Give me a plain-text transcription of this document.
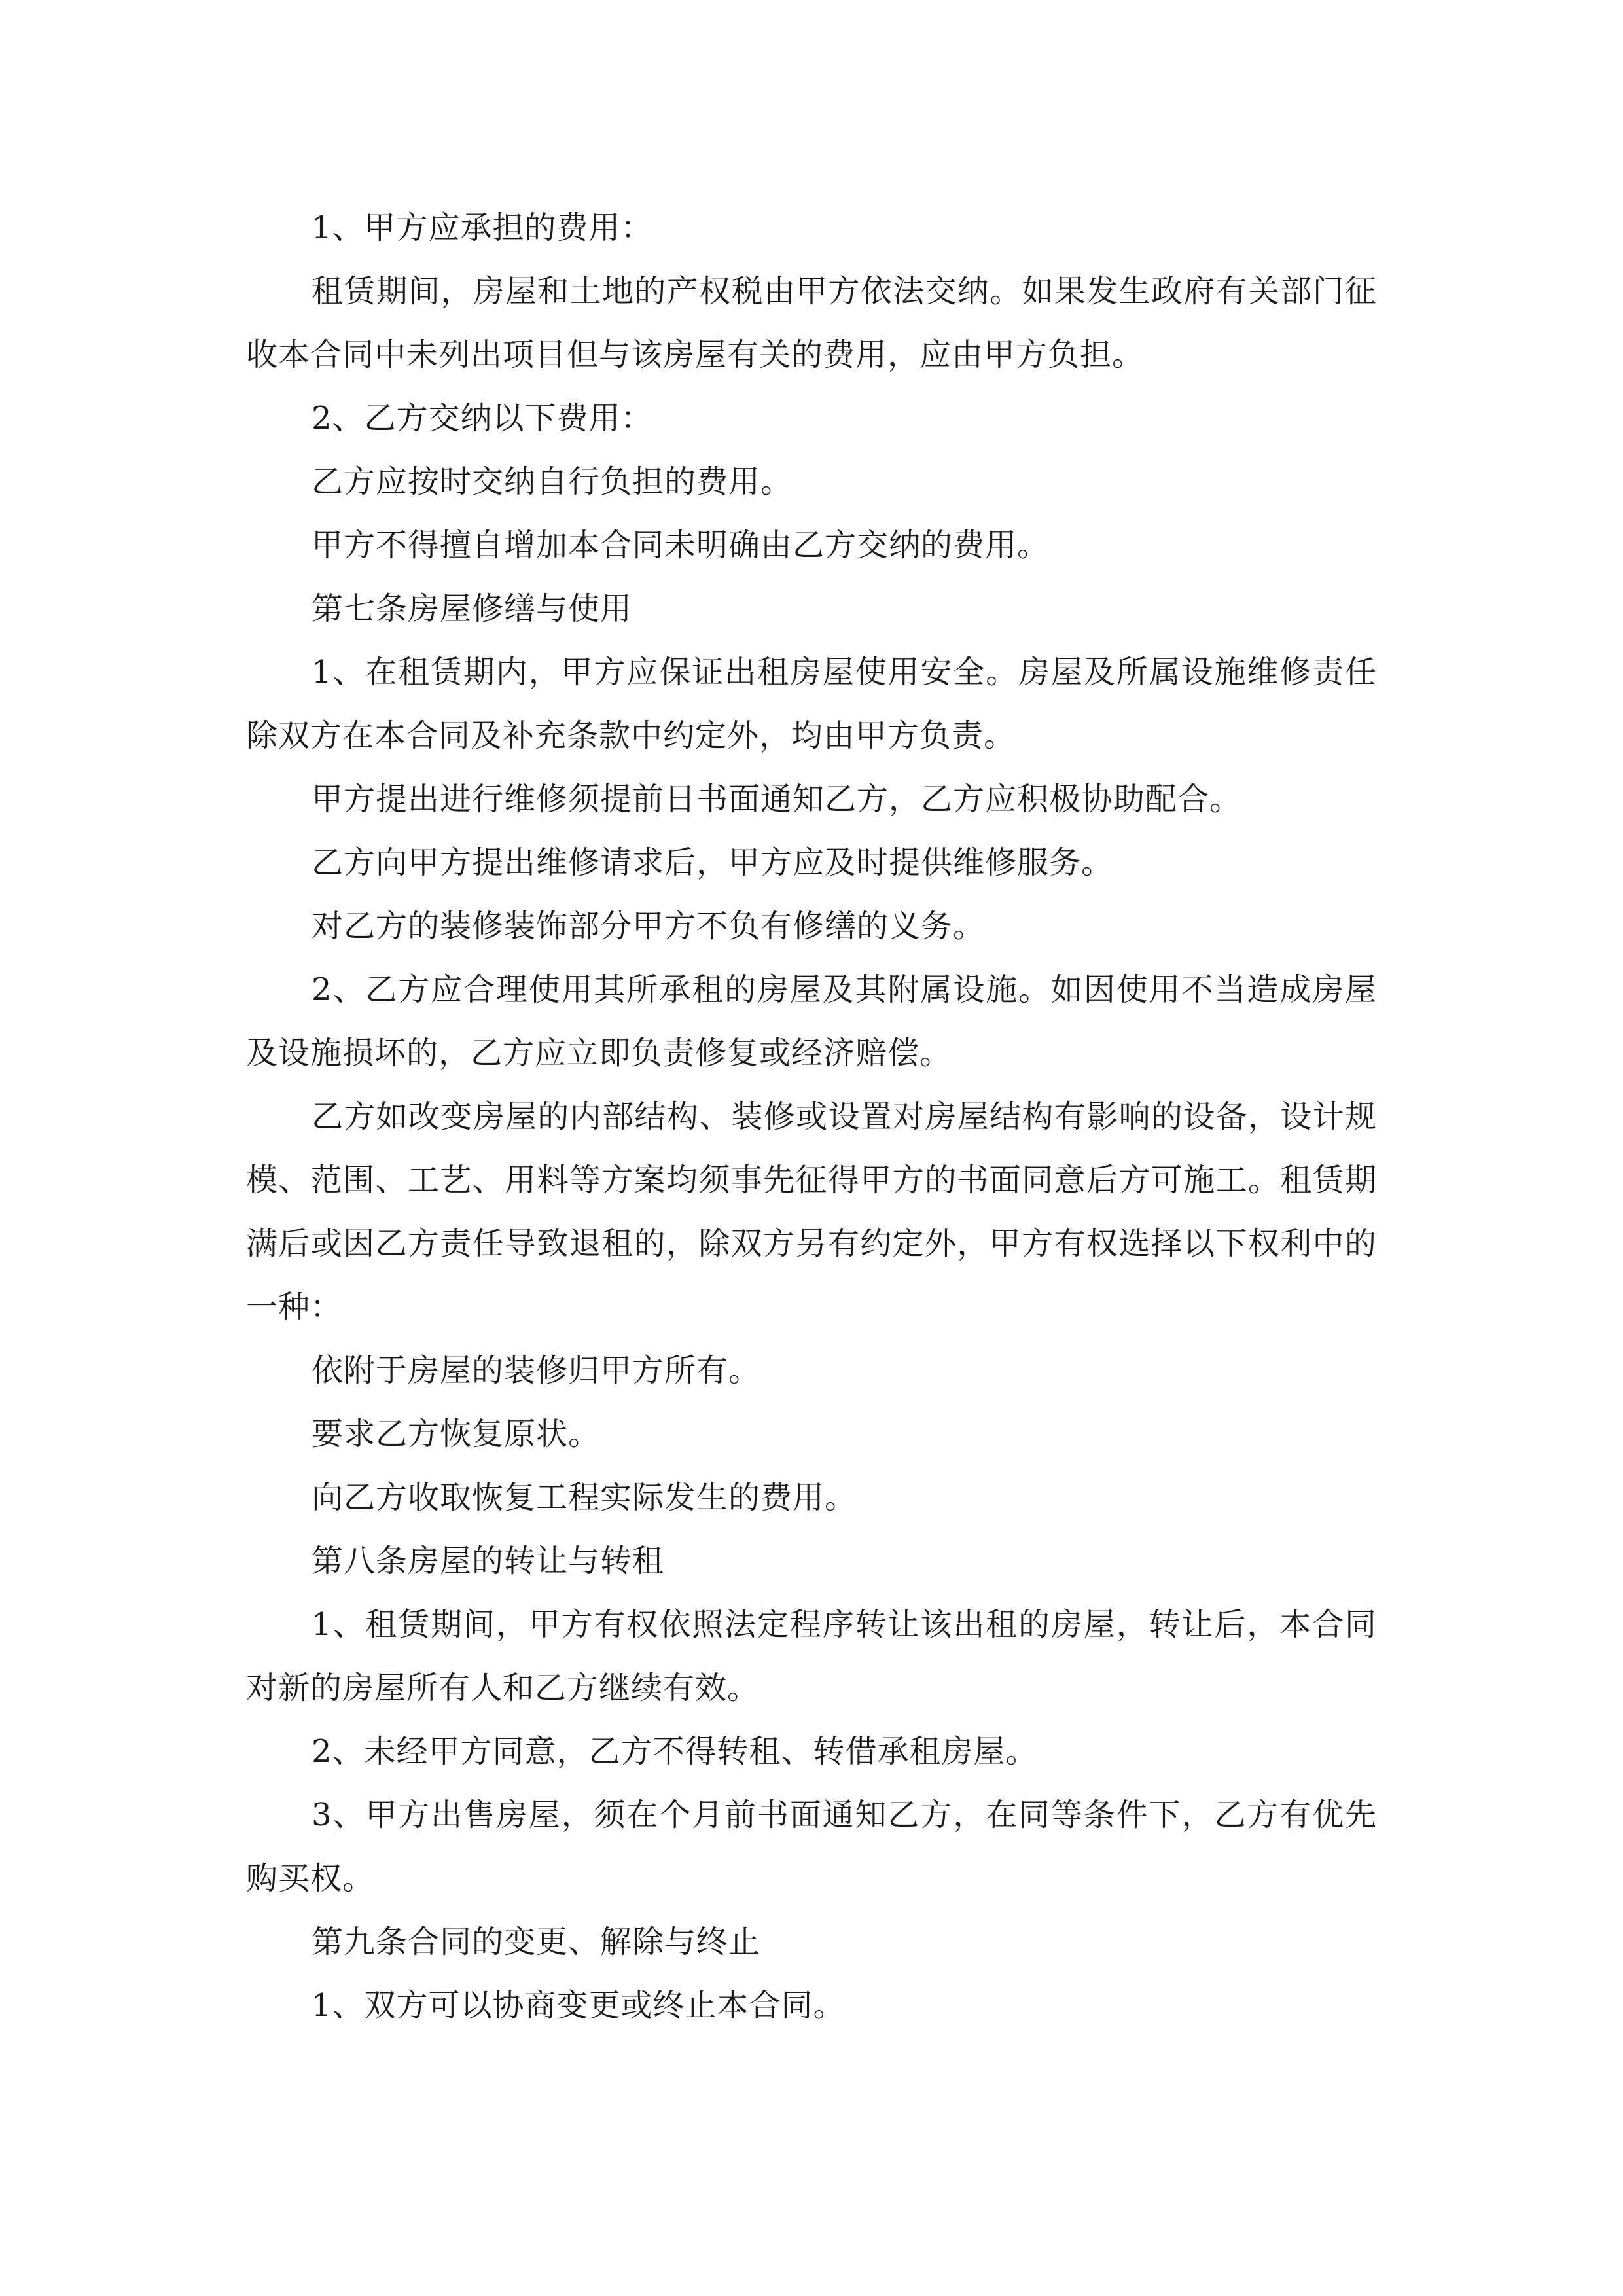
1、甲方应承担的费用：

租赁期间，房屋和土地的产权税由甲方依法交纳。如果发生政府有关部门征收本合同中未列出项目但与该房屋有关的费用，应由甲方负担。

2、乙方交纳以下费用：

乙方应按时交纳自行负担的费用。

甲方不得擅自增加本合同未明确由乙方交纳的费用。

第七条房屋修缮与使用

1、在租赁期内，甲方应保证出租房屋使用安全。房屋及所属设施维修责任除双方在本合同及补充条款中约定外，均由甲方负责。

甲方提出进行维修须提前日书面通知乙方，乙方应积极协助配合。

乙方向甲方提出维修请求后，甲方应及时提供维修服务。

对乙方的装修装饰部分甲方不负有修缮的义务。

2、乙方应合理使用其所承租的房屋及其附属设施。如因使用不当造成房屋及设施损坏的，乙方应立即负责修复或经济赔偿。

乙方如改变房屋的内部结构、装修或设置对房屋结构有影响的设备，设计规模、范围、工艺、用料等方案均须事先征得甲方的书面同意后方可施工。租赁期满后或因乙方责任导致退租的，除双方另有约定外，甲方有权选择以下权利中的一种：

依附于房屋的装修归甲方所有。

要求乙方恢复原状。

向乙方收取恢复工程实际发生的费用。

第八条房屋的转让与转租

1、租赁期间，甲方有权依照法定程序转让该出租的房屋，转让后，本合同对新的房屋所有人和乙方继续有效。

2、未经甲方同意，乙方不得转租、转借承租房屋。

3、甲方出售房屋，须在个月前书面通知乙方，在同等条件下，乙方有优先购买权。

第九条合同的变更、解除与终止

1、双方可以协商变更或终止本合同。
